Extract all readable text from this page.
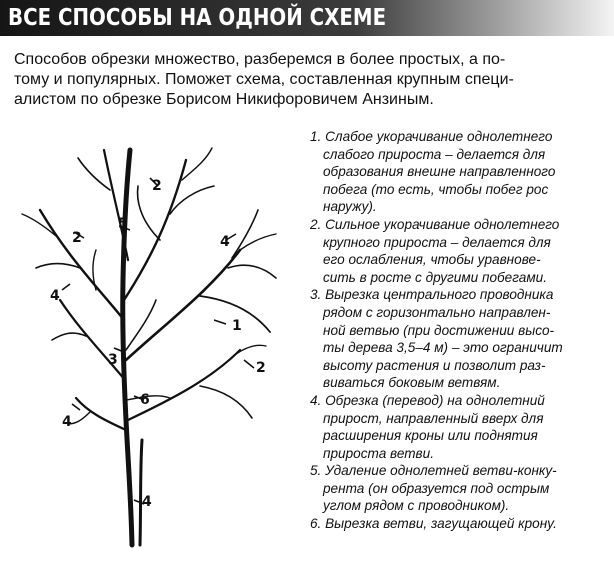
ВСЕ СПОСОБЫ НА ОДНОЙ СХЕМЕ
Способов обрезки множество, разберемся в более простых, а по-
тому и популярных. Поможет схема, составленная крупным специ-
алистом по обрезке Борисом Никифоровичем Анзиным.
2
5
2	4
4
1
3	2
6
4
4
1. Слабое укорачивание однолетнего
слабого прироста – делается для
образования внешне направленного
побега (то есть, чтобы побег рос
наружу).
2. Сильное укорачивание однолетнего
крупного прироста – делается для
его ослабления, чтобы уравнове-
сить в росте с другими побегами.
3. Вырезка центрального проводника
рядом с горизонтально направлен-
ной ветвью (при достижении высо-
ты дерева 3,5–4 м) – это ограничит
высоту растения и позволит раз-
виваться боковым ветвям.
4. Обрезка (перевод) на однолетний
прирост, направленный вверх для
расширения кроны или поднятия
прироста ветви.
5. Удаление однолетней ветви-конку-
рента (он образуется под острым
углом рядом с проводником).
6. Вырезка ветви, загущающей крону.
